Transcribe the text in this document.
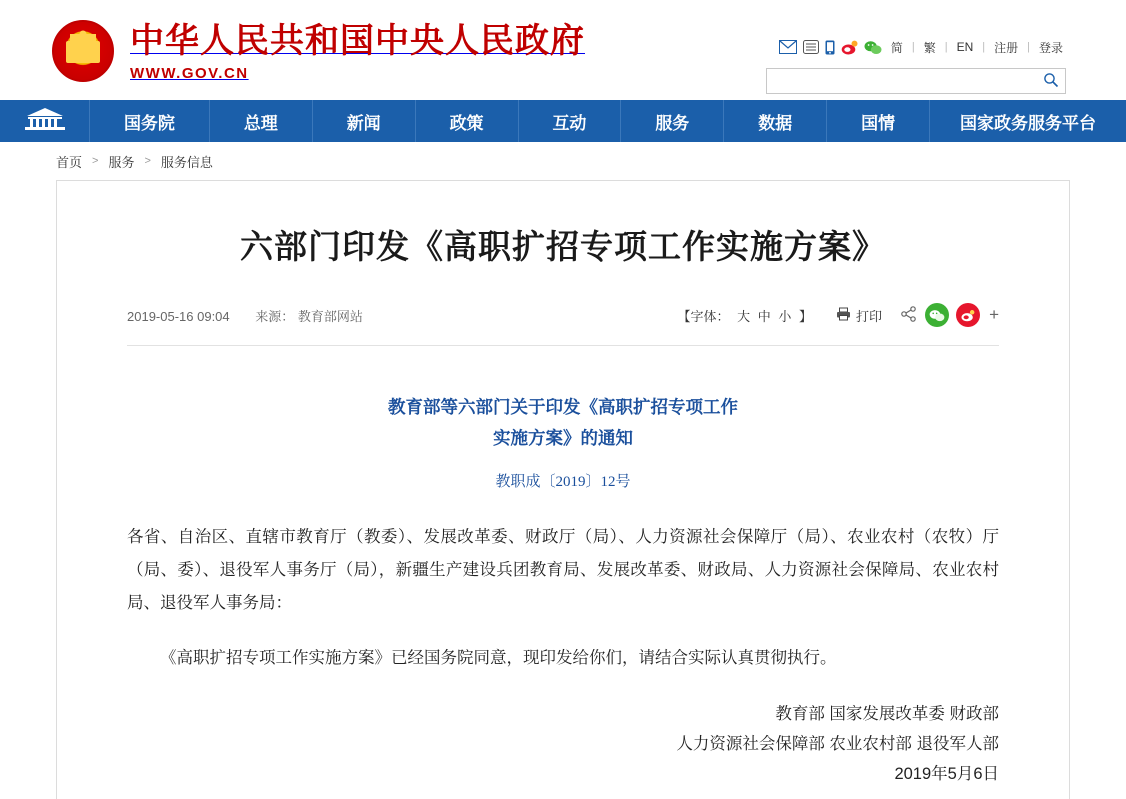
中华人民共和国中央人民政府
WWW.GOV.CN
简 | 繁 | EN | 注册 | 登录
国务院	总理	新闻	政策	互动	服务	数据	国情	国家政务服务平台
首页 > 服务 > 服务信息
六部门印发《高职扩招专项工作实施方案》
2019-05-16 09:04 来源： 教育部网站	【字体： 大 中 小 】	打印	+
教育部等六部门关于印发《高职扩招专项工作
实施方案》的通知
教职成〔2019〕12号

各省、自治区、直辖市教育厅（教委）、发展改革委、财政厅（局）、人力资源社会保障厅（局）、农业农村（农牧）厅（局、委）、退役军人事务厅（局），新疆生产建设兵团教育局、发展改革委、财政局、人力资源社会保障局、农业农村局、退役军人事务局：

《高职扩招专项工作实施方案》已经国务院同意，现印发给你们，请结合实际认真贯彻执行。

教育部 国家发展改革委 财政部
人力资源社会保障部 农业农村部 退役军人部
2019年5月6日
